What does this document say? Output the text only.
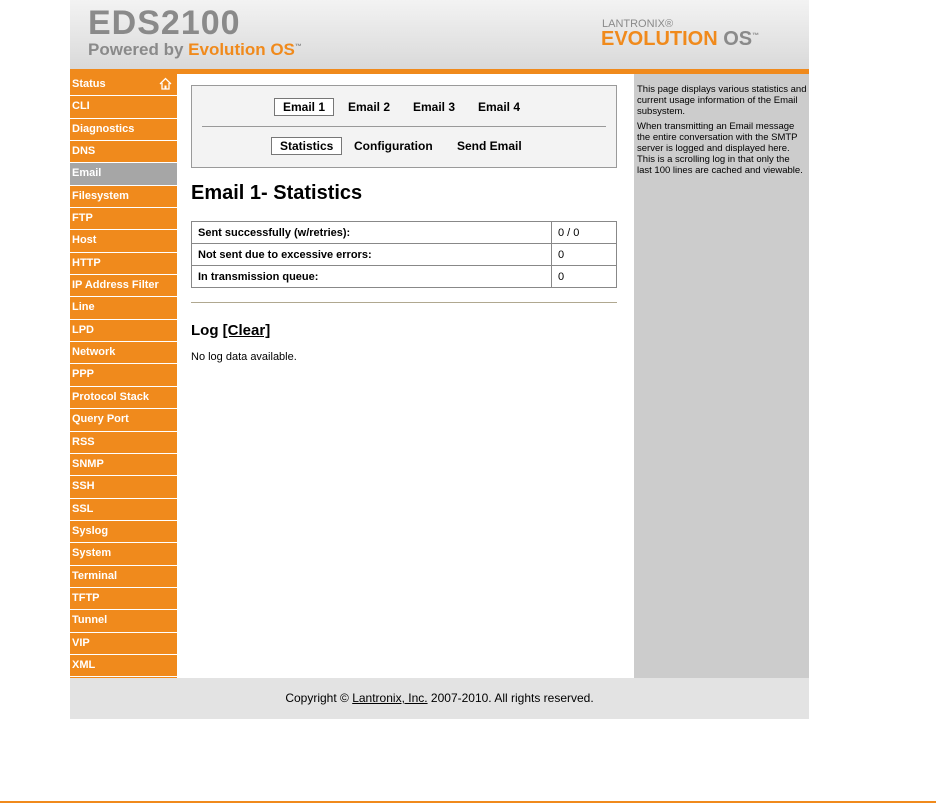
EDS2100
Powered by Evolution OS™
LANTRONIX®
EVOLUTION OS™
Status
CLI
Diagnostics
DNS
Email
Filesystem
FTP
Host
HTTP
IP Address Filter
Line
LPD
Network
PPP
Protocol Stack
Query Port
RSS
SNMP
SSH
SSL
Syslog
System
Terminal
TFTP
Tunnel
VIP
XML
Email 1	Email 2	Email 3	Email 4
Statistics	Configuration	Send Email
Email 1- Statistics
Sent successfully (w/retries):	0 / 0
Not sent due to excessive errors:	0
In transmission queue:	0
Log [Clear]
No log data available.

This page displays various statistics and current usage information of the Email subsystem.

When transmitting an Email message the entire conversation with the SMTP server is logged and displayed here. This is a scrolling log in that only the last 100 lines are cached and viewable.

Copyright © Lantronix, Inc. 2007-2010. All rights reserved.
